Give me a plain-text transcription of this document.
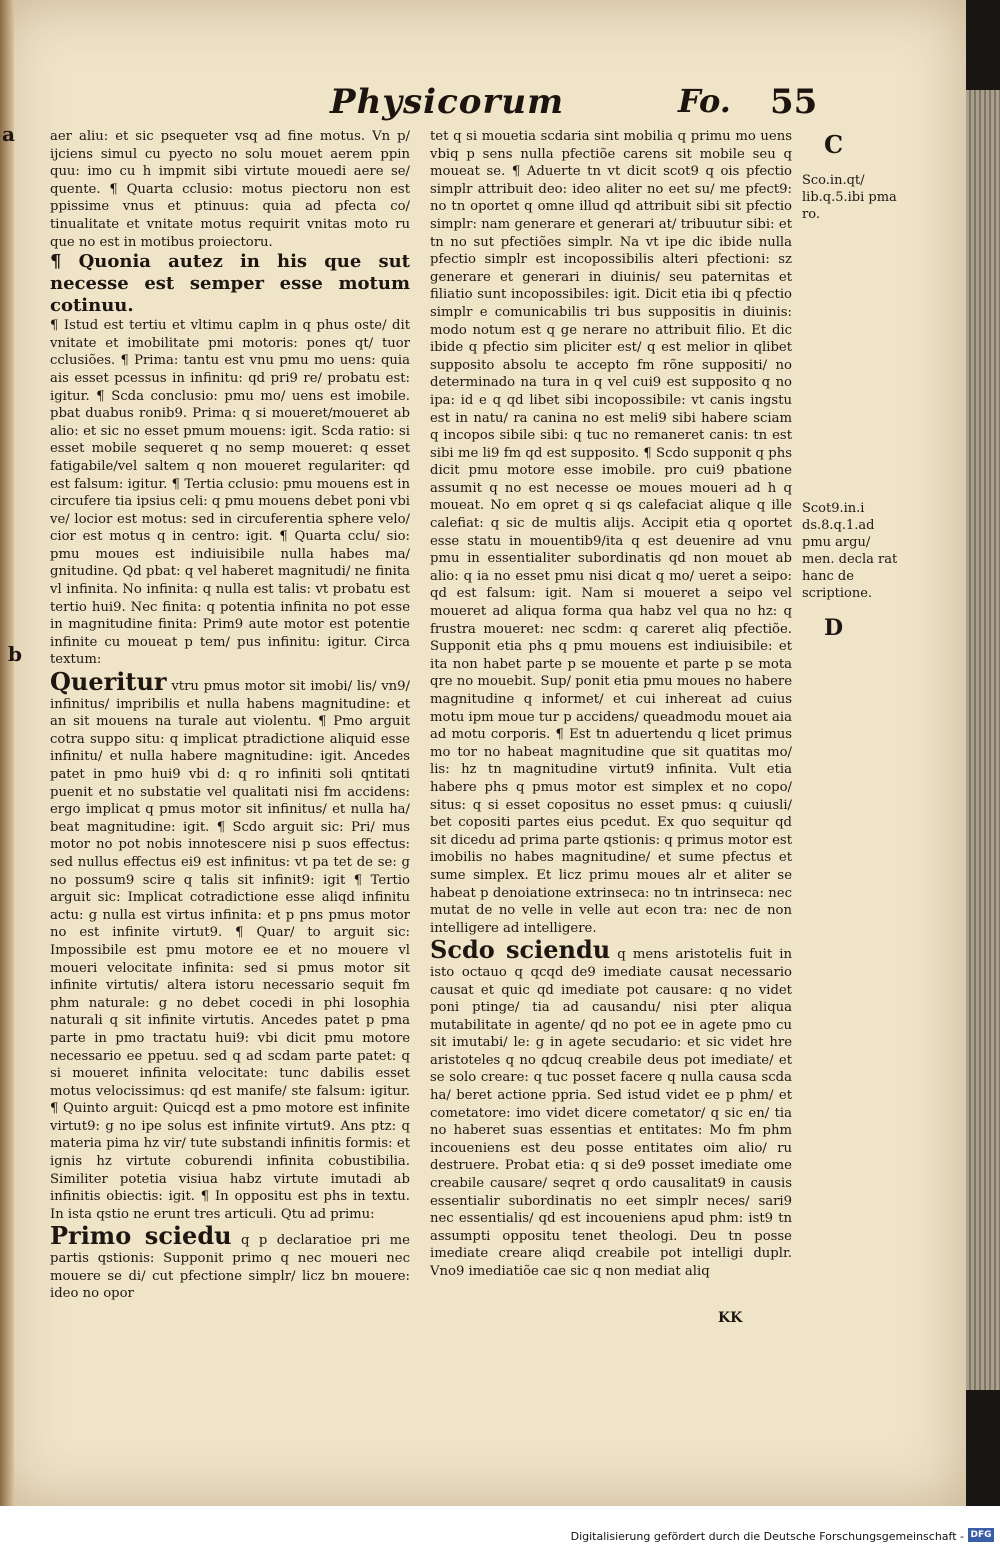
Physicorum	Fo. 55
a
b
C
D
Sco.in.qt/ lib.q.5.ibi pma ro.
Scot9.in.i ds.8.q.1.ad pmu argu/ men. decla rat hanc de scriptione.

aer aliu: et sic psequeter vsq ad fine motus. Vn p/ ijciens simul cu pyecto no solu mouet aerem ppin quu: imo cu h impmit sibi virtute mouedi aere se/ quente. ¶ Quarta cclusio: motus piectoru non est ppissime vnus et ptinuus: quia ad pfecta co/ tinualitate et vnitate motus requirit vnitas moto ru que no est in motibus proiectoru.

¶ Quonia autez in his que sut necesse est semper esse motum cotinuu.

¶ Istud est tertiu et vltimu caplm in q phus oste/ dit vnitate et imobilitate pmi motoris: pones qt/ tuor cclusiões. ¶ Prima: tantu est vnu pmu mo uens: quia ais esset pcessus in infinitu: qd pri9 re/ probatu est: igitur. ¶ Scda conclusio: pmu mo/ uens est imobile. pbat duabus ronib9. Prima: q si moueret/moueret ab alio: et sic no esset pmum mouens: igit. Scda ratio: si esset mobile sequeret q no semp moueret: q esset fatigabile/vel saltem q non moueret regulariter: qd est falsum: igitur. ¶ Tertia cclusio: pmu mouens est in circufere tia ipsius celi: q pmu mouens debet poni vbi ve/ locior est motus: sed in circuferentia sphere velo/ cior est motus q in centro: igit. ¶ Quarta cclu/ sio: pmu moues est indiuisibile nulla habes ma/ gnitudine. Qd pbat: q vel haberet magnitudi/ ne finita vl infinita. No infinita: q nulla est talis: vt probatu est tertio hui9. Nec finita: q potentia infinita no pot esse in magnitudine finita: Prim9 aute motor est potentie infinite cu moueat p tem/ pus infinitu: igitur. Circa textum:

Queritur vtru pmus motor sit imobi/ lis/ vn9/ infinitus/ impribilis et nulla habens magnitudine: et an sit mouens na turale aut violentu. ¶ Pmo arguit cotra suppo situ: q implicat ptradictione aliquid esse infinitu/ et nulla habere magnitudine: igit. Ancedes patet in pmo hui9 vbi d: q ro infiniti soli qntitati puenit et no substatie vel qualitati nisi fm accidens: ergo implicat q pmus motor sit infinitus/ et nulla ha/ beat magnitudine: igit. ¶ Scdo arguit sic: Pri/ mus motor no pot nobis innotescere nisi p suos effectus: sed nullus effectus ei9 est infinitus: vt pa tet de se: g no possum9 scire q talis sit infinit9: igit ¶ Tertio arguit sic: Implicat cotradictione esse aliqd infinitu actu: g nulla est virtus infinita: et p pns pmus motor no est infinite virtut9. ¶ Quar/ to arguit sic: Impossibile est pmu motore ee et no mouere vl moueri velocitate infinita: sed si pmus motor sit infinite virtutis/ altera istoru necessario sequit fm phm naturale: g no debet cocedi in phi losophia naturali q sit infinite virtutis. Ancedes patet p pma parte in pmo tractatu hui9: vbi dicit pmu motore necessario ee ppetuu. sed q ad scdam parte patet: q si moueret infinita velocitate: tunc dabilis esset motus velocissimus: qd est manife/ ste falsum: igitur. ¶ Quinto arguit: Quicqd est a pmo motore est infinite virtut9: g no ipe solus est infinite virtut9. Ans ptz: q materia pima hz vir/ tute substandi infinitis formis: et ignis hz virtute coburendi infinita cobustibilia. Similiter potetia visiua habz virtute imutadi ab infinitis obiectis: igit. ¶ In oppositu est phs in textu. In ista qstio ne erunt tres articuli. Qtu ad primu:

Primo sciedu q p declaratioe pri me partis qstionis: Supponit primo q nec moueri nec mouere se di/ cut pfectione simplr/ licz bn mouere: ideo no opor

tet q si mouetia scdaria sint mobilia q primu mo uens vbiq p sens nulla pfectiõe carens sit mobile seu q moueat se. ¶ Aduerte tn vt dicit scot9 q ois pfectio simplr attribuit deo: ideo aliter no eet su/ me pfect9: no tn oportet q omne illud qd attribuit sibi sit pfectio simplr: nam generare et generari at/ tribuutur sibi: et tn no sut pfectiões simplr. Na vt ipe dic ibide nulla pfectio simplr est incopossibilis alteri pfectioni: sz generare et generari in diuinis/ seu paternitas et filiatio sunt incopossibiles: igit. Dicit etia ibi q pfectio simplr e comunicabilis tri bus suppositis in diuinis: modo notum est q ge nerare no attribuit filio. Et dic ibide q pfectio sim pliciter est/ q est melior in qlibet supposito absolu te accepto fm rõne suppositi/ no determinado na tura in q vel cui9 est supposito q no ipa: id e q qd libet sibi incopossibile: vt canis ingstu est in natu/ ra canina no est meli9 sibi habere sciam q incopos sibile sibi: q tuc no remaneret canis: tn est sibi me li9 fm qd est supposito. ¶ Scdo supponit q phs dicit pmu motore esse imobile. pro cui9 pbatione assumit q no est necesse oe moues moueri ad h q moueat. No em opret q si qs calefaciat alique q ille calefiat: q sic de multis alijs. Accipit etia q oportet esse statu in mouentib9/ita q est deuenire ad vnu pmu in essentialiter subordinatis qd non mouet ab alio: q ia no esset pmu nisi dicat q mo/ ueret a seipo: qd est falsum: igit. Nam si moueret a seipo vel moueret ad aliqua forma qua habz vel qua no hz: q frustra moueret: nec scdm: q careret aliq pfectiõe. Supponit etia phs q pmu mouens est indiuisibile: et ita non habet parte p se mouente et parte p se mota qre no mouebit. Sup/ ponit etia pmu moues no habere magnitudine q informet/ et cui inhereat ad cuius motu ipm moue tur p accidens/ queadmodu mouet aia ad motu corporis. ¶ Est tn aduertendu q licet primus mo tor no habeat magnitudine que sit quatitas mo/ lis: hz tn magnitudine virtut9 infinita. Vult etia habere phs q pmus motor est simplex et no copo/ situs: q si esset copositus no esset pmus: q cuiusli/ bet copositi partes eius pcedut. Ex quo sequitur qd sit dicedu ad prima parte qstionis: q primus motor est imobilis no habes magnitudine/ et sume pfectus et sume simplex. Et licz primu moues alr et aliter se habeat p denoiatione extrinseca: no tn intrinseca: nec mutat de no velle in velle aut econ tra: nec de non intelligere ad intelligere.

Scdo sciendu q mens aristotelis fuit in isto octauo q qcqd de9 imediate causat necessario causat et quic qd imediate pot causare: q no videt poni ptinge/ tia ad causandu/ nisi pter aliqua mutabilitate in agente/ qd no pot ee in agete pmo cu sit imutabi/ le: g in agete secudario: et sic videt hre aristoteles q no qdcuq creabile deus pot imediate/ et se solo creare: q tuc posset facere q nulla causa scda ha/ beret actione ppria. Sed istud videt ee p phm/ et cometatore: imo videt dicere cometator/ q sic en/ tia no haberet suas essentias et entitates: Mo fm phm incoueniens est deu posse entitates oim alio/ ru destruere. Probat etia: q si de9 posset imediate ome creabile causare/ seqret q ordo causalitat9 in causis essentialir subordinatis no eet simplr neces/ sari9 nec essentialis/ qd est incoueniens apud phm: ist9 tn assumpti oppositu tenet theologi. Deu tn posse imediate creare aliqd creabile pot intelligi duplr. Vno9 imediatiõe cae sic q non mediat aliq

KK
Digitalisierung gefördert durch die Deutsche Forschungsgemeinschaft - DFG
